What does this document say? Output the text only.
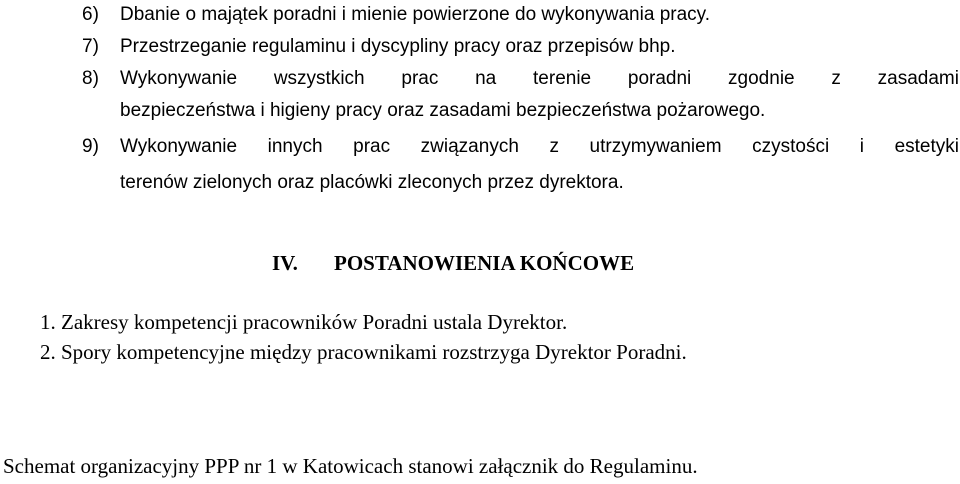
6) Dbanie o majątek poradni i mienie powierzone do wykonywania pracy.
7) Przestrzeganie regulaminu i dyscypliny pracy oraz przepisów bhp.
8) Wykonywanie wszystkich prac na terenie poradni zgodnie z zasadami
bezpieczeństwa i higieny pracy oraz zasadami bezpieczeństwa pożarowego.
9) Wykonywanie innych prac związanych z utrzymywaniem czystości i estetyki
terenów zielonych oraz placówki zleconych przez dyrektora.
IV. POSTANOWIENIA KOŃCOWE
1. Zakresy kompetencji pracowników Poradni ustala Dyrektor.
2. Spory kompetencyjne między pracownikami rozstrzyga Dyrektor Poradni.
Schemat organizacyjny PPP nr 1 w Katowicach stanowi załącznik do Regulaminu.
